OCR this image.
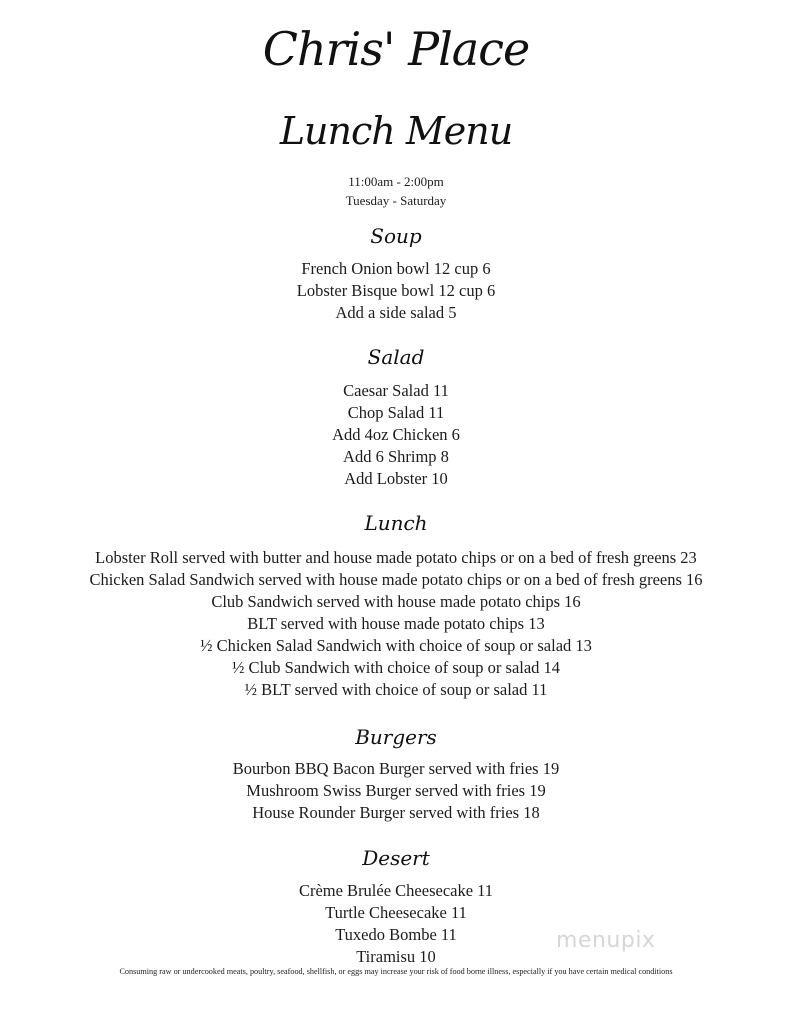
Chris' Place
Lunch Menu
11:00am - 2:00pm
Tuesday - Saturday
Soup
French Onion bowl 12 cup 6
Lobster Bisque bowl 12 cup 6
Add a side salad 5
Salad
Caesar Salad 11
Chop Salad 11
Add 4oz Chicken 6
Add 6 Shrimp 8
Add Lobster 10
Lunch
Lobster Roll served with butter and house made potato chips or on a bed of fresh greens 23
Chicken Salad Sandwich served with house made potato chips or on a bed of fresh greens 16
Club Sandwich served with house made potato chips 16
BLT served with house made potato chips 13
½ Chicken Salad Sandwich with choice of soup or salad 13
½ Club Sandwich with choice of soup or salad 14
½ BLT served with choice of soup or salad 11
Burgers
Bourbon BBQ Bacon Burger served with fries 19
Mushroom Swiss Burger served with fries 19
House Rounder Burger served with fries 18
Desert
Crème Brulée Cheesecake 11
Turtle Cheesecake 11
Tuxedo Bombe 11
Tiramisu 10
menupix
Consuming raw or undercooked meats, poultry, seafood, shellfish, or eggs may increase your risk of food borne illness, especially if you have certain medical conditions
